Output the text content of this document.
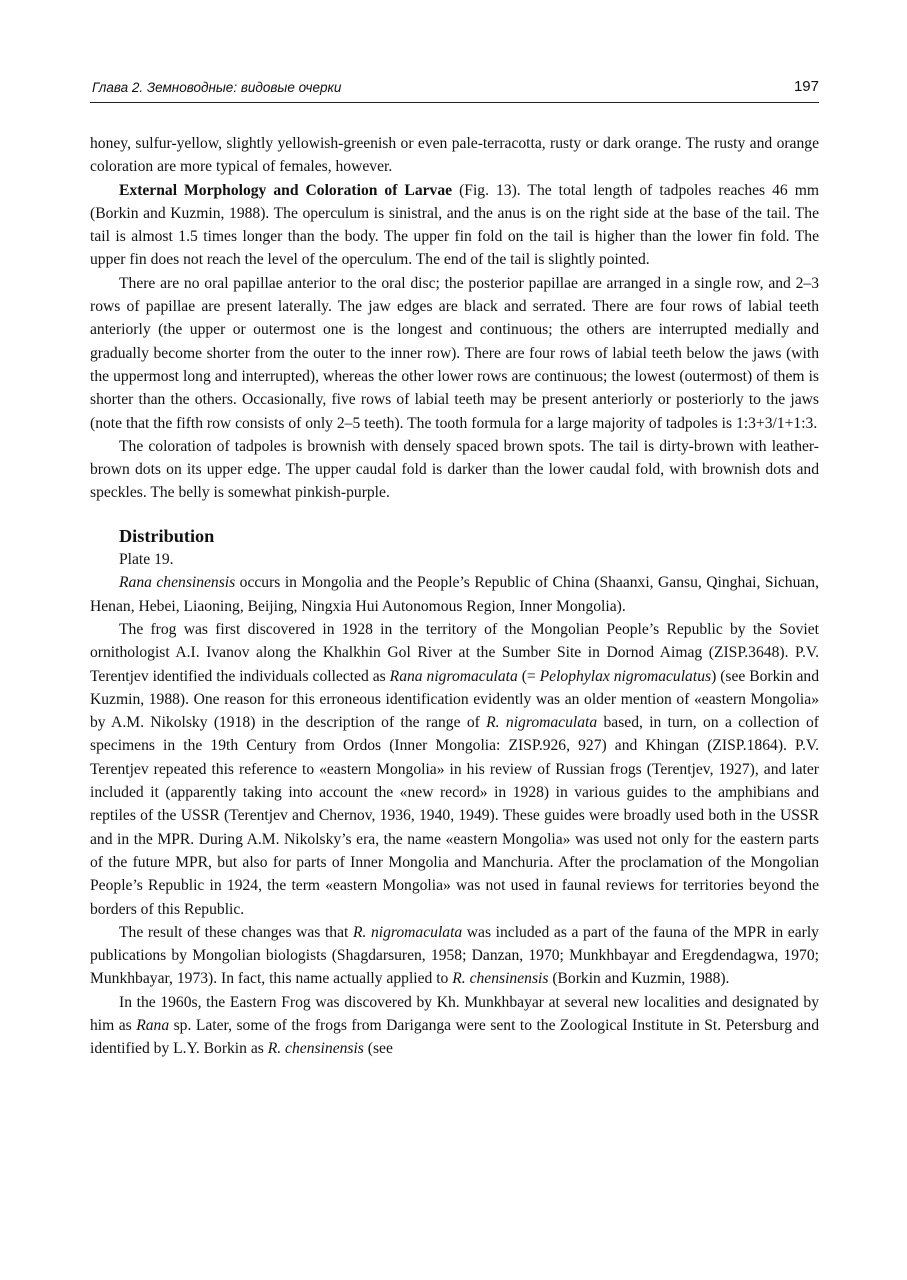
Глава 2. Земноводные: видовые очерки	197

honey, sulfur-yellow, slightly yellowish-greenish or even pale-terracotta, rusty or dark orange. The rusty and orange coloration are more typical of females, however.

External Morphology and Coloration of Larvae (Fig. 13). The total length of tadpoles reaches 46 mm (Borkin and Kuzmin, 1988). The operculum is sinistral, and the anus is on the right side at the base of the tail. The tail is almost 1.5 times longer than the body. The upper fin fold on the tail is higher than the lower fin fold. The upper fin does not reach the level of the operculum. The end of the tail is slightly pointed.

There are no oral papillae anterior to the oral disc; the posterior papillae are arranged in a single row, and 2–3 rows of papillae are present laterally. The jaw edges are black and serrated. There are four rows of labial teeth anteriorly (the upper or outermost one is the longest and continuous; the others are interrupted medially and gradually become shorter from the outer to the inner row). There are four rows of labial teeth below the jaws (with the uppermost long and interrupted), whereas the other lower rows are continuous; the lowest (outermost) of them is shorter than the others. Occasionally, five rows of labial teeth may be present anteriorly or posteriorly to the jaws (note that the fifth row consists of only 2–5 teeth). The tooth formula for a large majority of tadpoles is 1:3+3/1+1:3.

The coloration of tadpoles is brownish with densely spaced brown spots. The tail is dirty-brown with leather-brown dots on its upper edge. The upper caudal fold is darker than the lower caudal fold, with brownish dots and speckles. The belly is somewhat pinkish-purple.

Distribution

Plate 19.

Rana chensinensis occurs in Mongolia and the People’s Republic of China (Shaanxi, Gansu, Qinghai, Sichuan, Henan, Hebei, Liaoning, Beijing, Ningxia Hui Autonomous Region, Inner Mongolia).

The frog was first discovered in 1928 in the territory of the Mongolian People’s Republic by the Soviet ornithologist A.I. Ivanov along the Khalkhin Gol River at the Sumber Site in Dornod Aimag (ZISP.3648). P.V. Terentjev identified the individuals collected as Rana nigromaculata (= Pelophylax nigromaculatus) (see Borkin and Kuzmin, 1988). One reason for this erroneous identification evidently was an older mention of «eastern Mongolia» by A.M. Nikolsky (1918) in the description of the range of R. nigromaculata based, in turn, on a collection of specimens in the 19th Century from Ordos (Inner Mongolia: ZISP.926, 927) and Khingan (ZISP.1864). P.V. Terentjev repeated this reference to «eastern Mongolia» in his review of Russian frogs (Terentjev, 1927), and later included it (apparently taking into account the «new record» in 1928) in various guides to the amphibians and reptiles of the USSR (Terentjev and Chernov, 1936, 1940, 1949). These guides were broadly used both in the USSR and in the MPR. During A.M. Nikolsky’s era, the name «eastern Mongolia» was used not only for the eastern parts of the future MPR, but also for parts of Inner Mongolia and Manchuria. After the proclamation of the Mongolian People’s Republic in 1924, the term «eastern Mongolia» was not used in faunal reviews for territories beyond the borders of this Republic.

The result of these changes was that R. nigromaculata was included as a part of the fauna of the MPR in early publications by Mongolian biologists (Shagdarsuren, 1958; Danzan, 1970; Munkhbayar and Eregdendagwa, 1970; Munkhbayar, 1973). In fact, this name actually applied to R. chensinensis (Borkin and Kuzmin, 1988).

In the 1960s, the Eastern Frog was discovered by Kh. Munkhbayar at several new localities and designated by him as Rana sp. Later, some of the frogs from Dariganga were sent to the Zoological Institute in St. Petersburg and identified by L.Y. Borkin as R. chensinensis (see
